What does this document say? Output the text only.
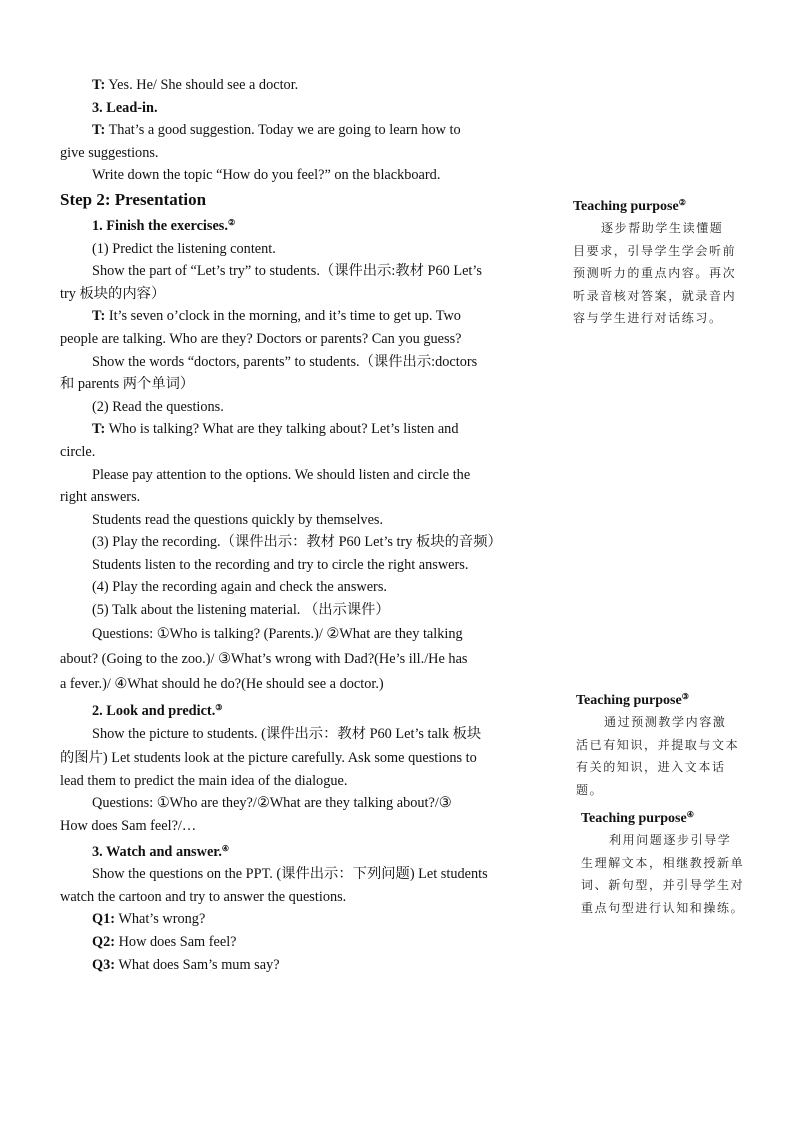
T: Yes. He/ She should see a doctor.
3. Lead-in.
T: That’s a good suggestion. Today we are going to learn how to
give suggestions.
Write down the topic “How do you feel?” on the blackboard.
Step 2: Presentation
1. Finish the exercises.②
(1) Predict the listening content.
Show the part of “Let’s try” to students.（课件出示:教材 P60 Let’s
try 板块的内容）
T: It’s seven o’clock in the morning, and it’s time to get up. Two
people are talking. Who are they? Doctors or parents? Can you guess?
Show the words “doctors, parents” to students.（课件出示:doctors
和 parents 两个单词）
(2) Read the questions.
T: Who is talking? What are they talking about? Let’s listen and
circle.
Please pay attention to the options. We should listen and circle the
right answers.
Students read the questions quickly by themselves.
(3) Play the recording.（课件出示：教材 P60 Let’s try 板块的音频）
Students listen to the recording and try to circle the right answers.
(4) Play the recording again and check the answers.
(5) Talk about the listening material. （出示课件）
Questions: ①Who is talking? (Parents.)/ ②What are they talking
about? (Going to the zoo.)/ ③What’s wrong with Dad?(He’s ill./He has
a fever.)/ ④What should he do?(He should see a doctor.)
2. Look and predict.③
Show the picture to students. (课件出示：教材 P60 Let’s talk 板块
的图片) Let students look at the picture carefully. Ask some questions to
lead them to predict the main idea of the dialogue.
Questions: ①Who are they?/②What are they talking about?/③
How does Sam feel?/…
3. Watch and answer.④
Show the questions on the PPT. (课件出示：下列问题) Let students
watch the cartoon and try to answer the questions.
Q1: What’s wrong?
Q2: How does Sam feel?
Q3: What does Sam’s mum say?
Teaching purpose②
逐步帮助学生读懂题
目要求，引导学生学会听前
预测听力的重点内容。再次
听录音核对答案，就录音内
容与学生进行对话练习。
Teaching purpose③
通过预测教学内容激
活已有知识，并提取与文本
有关的知识，进入文本话
题。
Teaching purpose④
利用问题逐步引导学
生理解文本，相继教授新单
词、新句型，并引导学生对
重点句型进行认知和操练。
